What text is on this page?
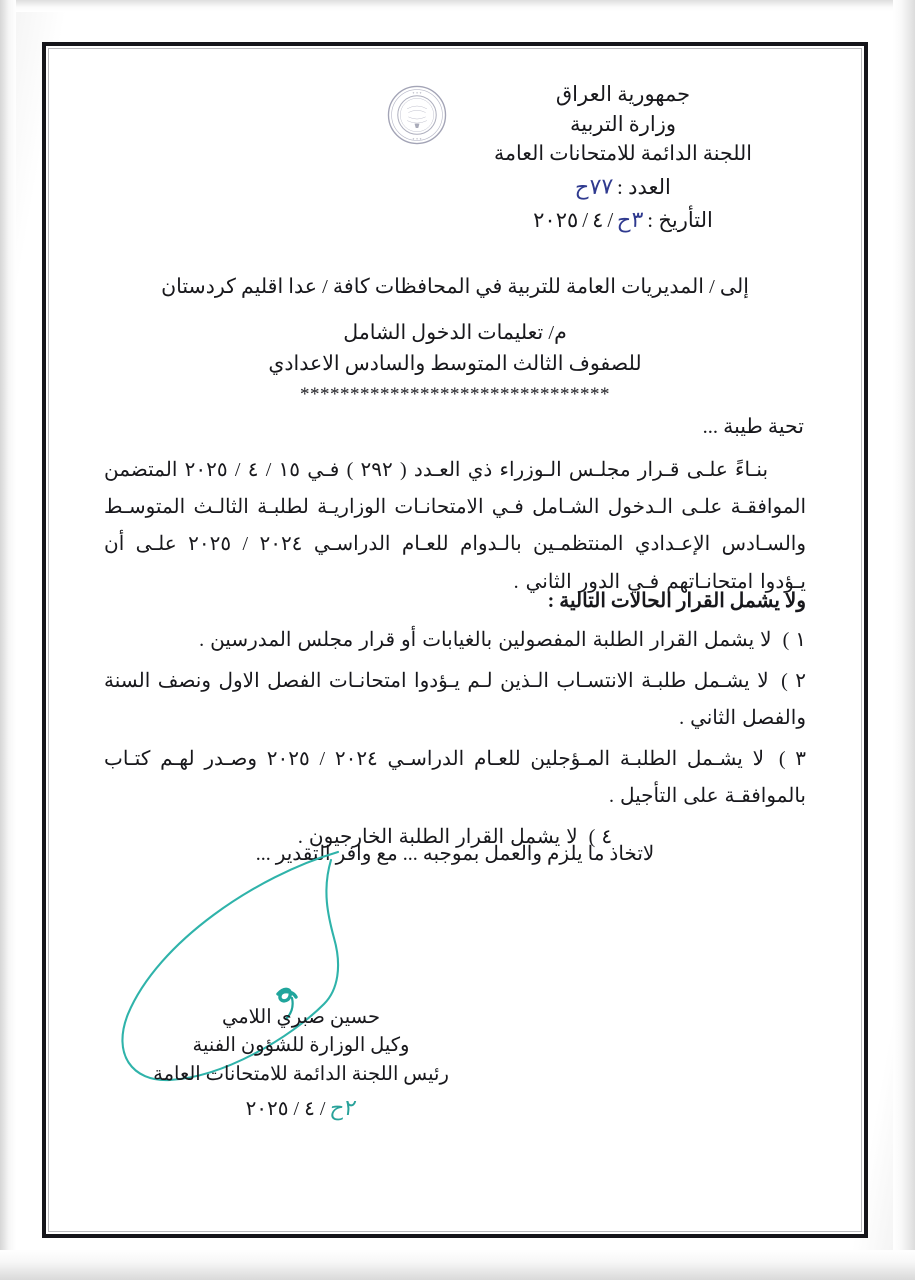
جمهورية العراق
وزارة التربية
اللجنة الدائمة للامتحانات العامة
العدد :
٧٧ح
التأريخ :
٣ح
/
٤
/
٢٠٢٥
✦ ✦ ✦
✦ ✦ ✦
إلى / المديريات العامة للتربية في المحافظات كافة / عدا اقليم كردستان
م/ تعليمات الدخول الشامل
للصفوف الثالث المتوسط والسادس الاعدادي
*******************************
تحية طيبة ...

بنـاءً علـى قـرار مجلـس الـوزراء ذي العـدد ( ٢٩٢ ) فـي ١٥ / ٤ / ٢٠٢٥ المتضمن الموافقـة علـى الـدخول الشـامل فـي الامتحانـات الوزاريـة لطلبـة الثالـث المتوسـط والسـادس الإعـدادي المنتظمـين بالـدوام للعـام الدراسـي ٢٠٢٤ / ٢٠٢٥ علـى أن يـؤدوا امتحانـاتهم فـي الدور الثاني .

ولا يشمل القرار الحالات التالية :
١ ) لا يشمل القرار الطلبة المفصولين بالغيابات أو قرار مجلس المدرسين .
٢ ) لا يشـمل طلبـة الانتسـاب الـذين لـم يـؤدوا امتحانـات الفصل الاول ونصف السنة والفصل الثاني .
٣ ) لا يشـمل الطلبـة المـؤجلين للعـام الدراسـي ٢٠٢٤ / ٢٠٢٥ وصـدر لهـم كتـاب بالموافقـة على التأجيل .
٤ ) لا يشمل القرار الطلبة الخارجيون .
لاتخاذ ما يلزم والعمل بموجبه ... مع وافر التقدير ...
حسين صبري اللامي
وكيل الوزارة للشؤون الفنية
رئيس اللجنة الدائمة للامتحانات العامة
٢ح
/
٤
/
٢٠٢٥
